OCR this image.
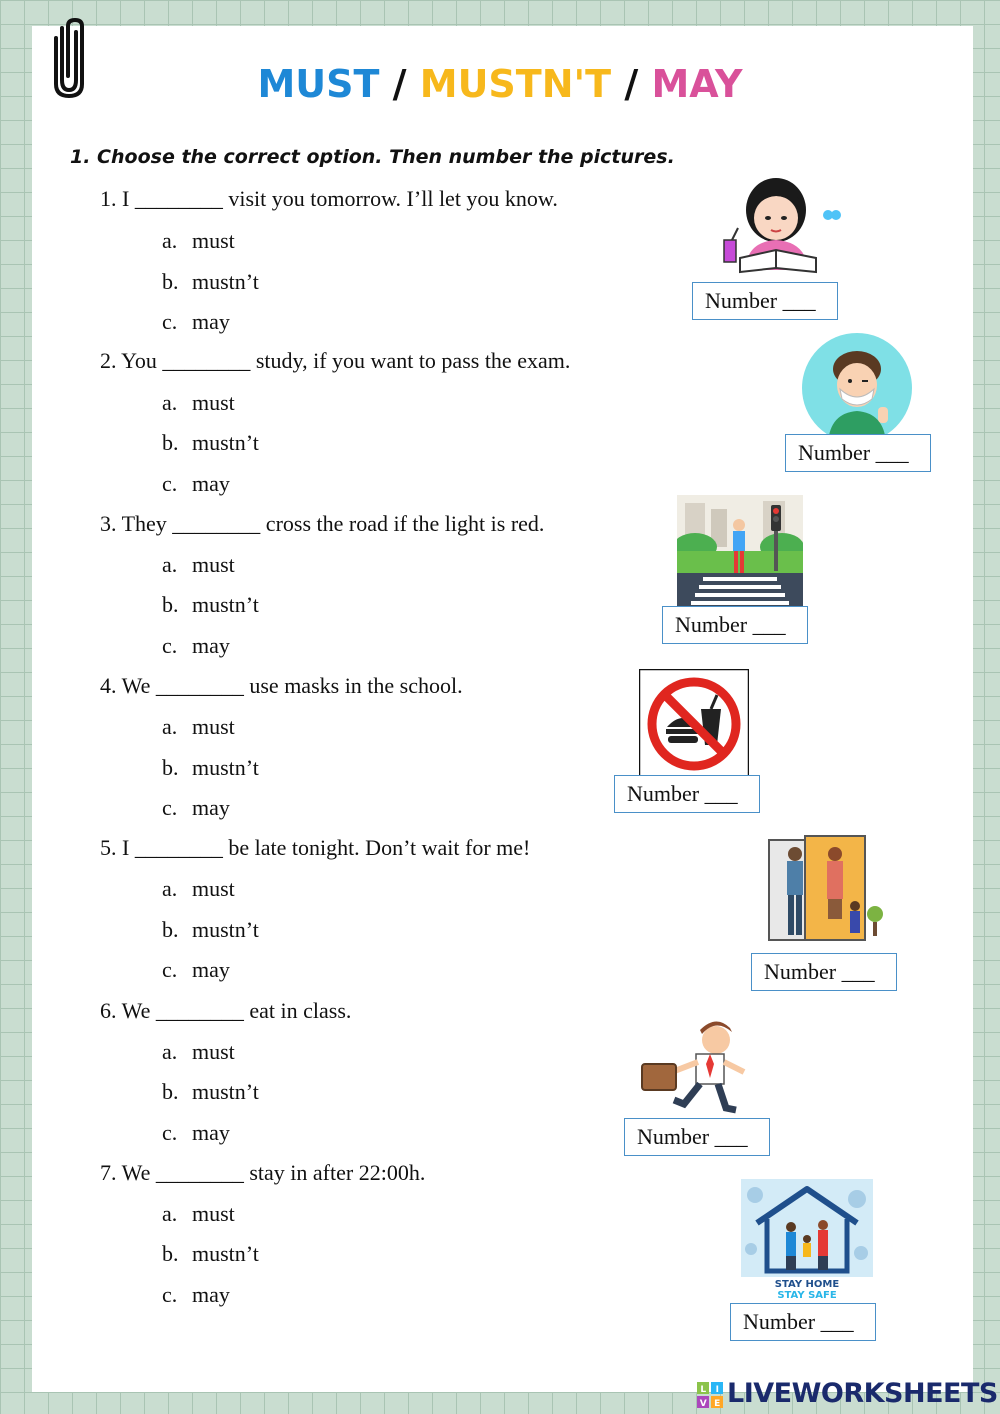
MUST / MUSTN'T / MAY
1. Choose the correct option. Then number the pictures.
1. I ________ visit you tomorrow. I’ll let you know.
a. must
b. mustn’t
c. may
2. You ________ study, if you want to pass the exam.
a. must
b. mustn’t
c. may
3. They ________ cross the road if the light is red.
a. must
b. mustn’t
c. may
4. We ________ use masks in the school.
a. must
b. mustn’t
c. may
5. I ________ be late tonight. Don’t wait for me!
a. must
b. mustn’t
c. may
6. We ________ eat in class.
a. must
b. mustn’t
c. may
7. We ________ stay in after 22:00h.
a. must
b. mustn’t
c. may
Number ___
Number ___
Number ___
Number ___
Number ___
Number ___
STAY HOME
STAY SAFE
Number ___
L I
V E LIVEWORKSHEETS
